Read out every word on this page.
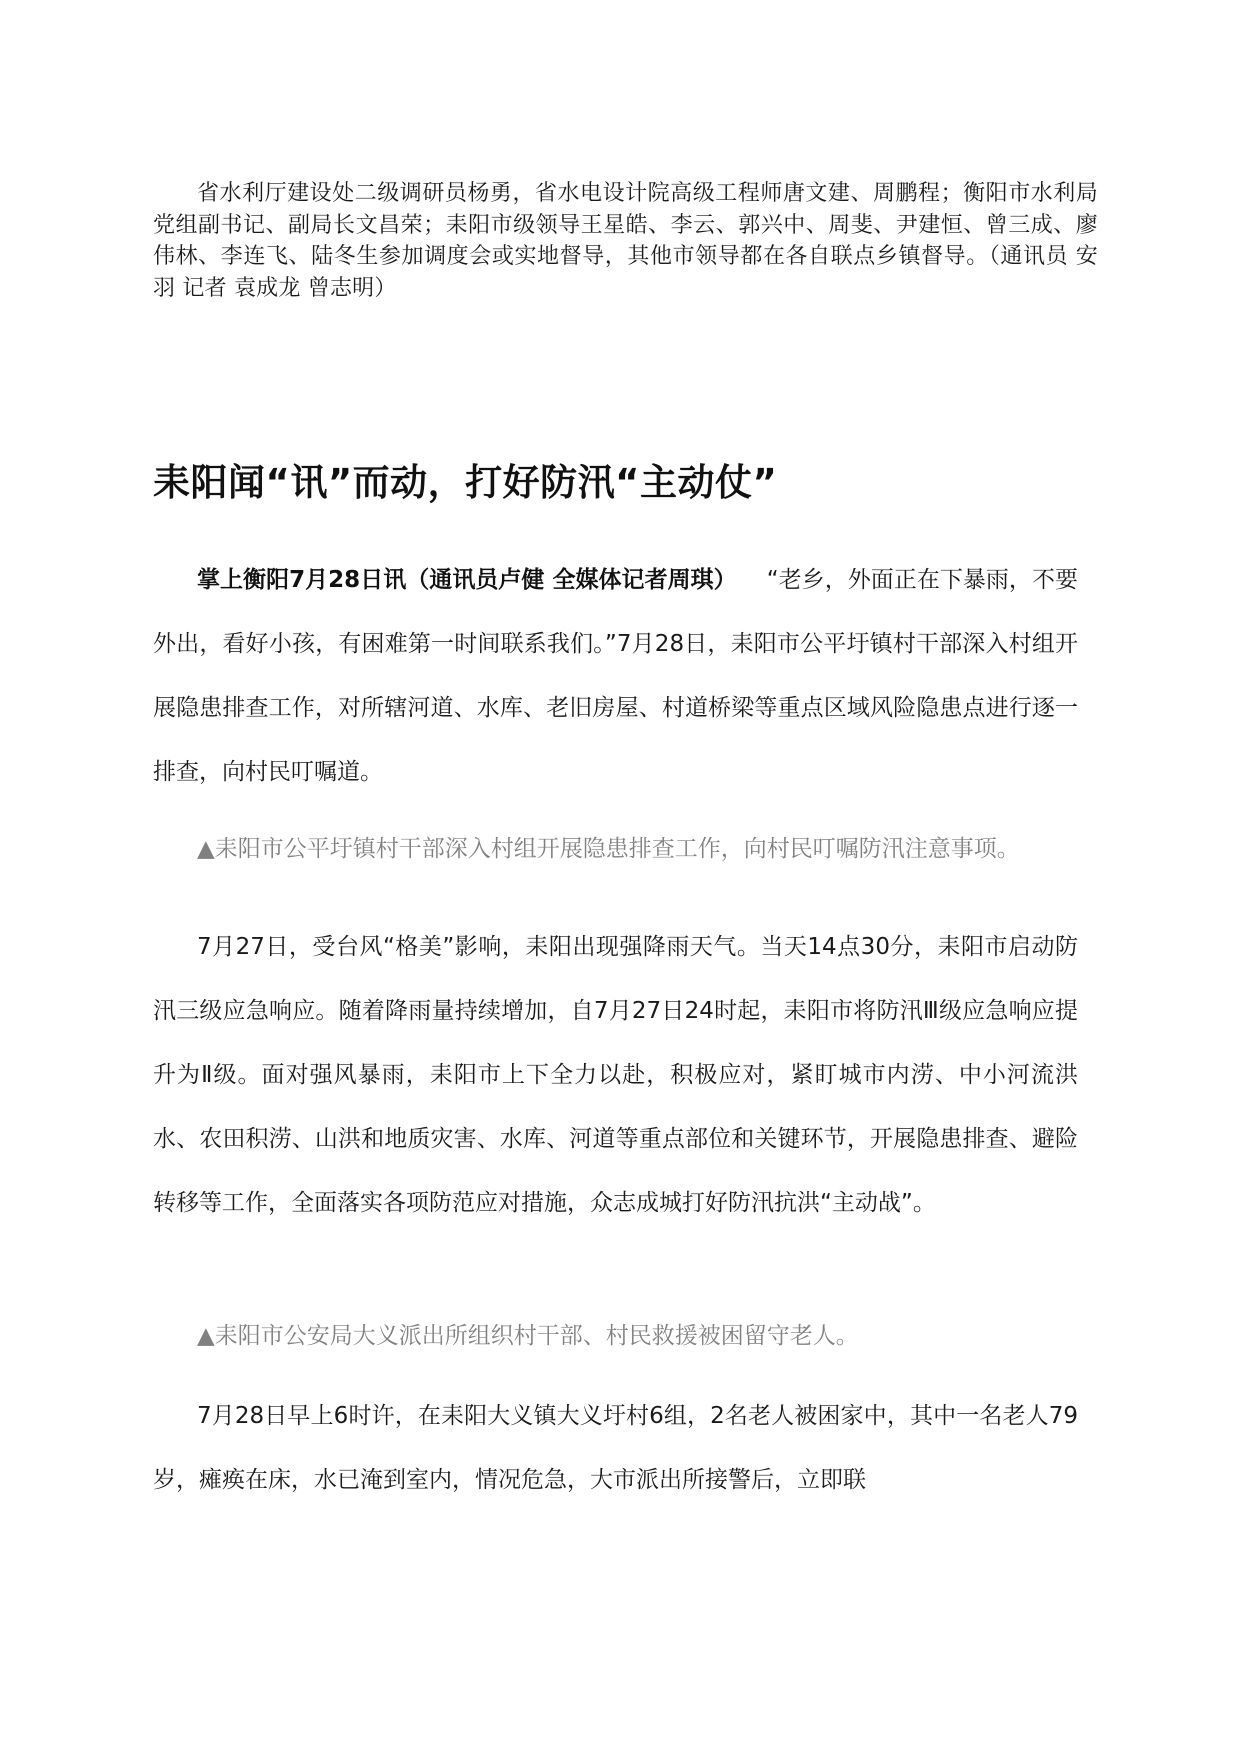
省水利厅建设处二级调研员杨勇，省水电设计院高级工程师唐文建、周鹏程；衡阳市水利局党组副书记、副局长文昌荣；耒阳市级领导王星皓、李云、郭兴中、周斐、尹建恒、曾三成、廖伟林、李连飞、陆冬生参加调度会或实地督导，其他市领导都在各自联点乡镇督导。（通讯员 安羽 记者 袁成龙 曾志明）

耒阳闻“讯”而动，打好防汛“主动仗”

掌上衡阳7月28日讯（通讯员卢健 全媒体记者周琪） “老乡，外面正在下暴雨，不要外出，看好小孩，有困难第一时间联系我们。”7月28日，耒阳市公平圩镇村干部深入村组开展隐患排查工作，对所辖河道、水库、老旧房屋、村道桥梁等重点区域风险隐患点进行逐一排查，向村民叮嘱道。

▲耒阳市公平圩镇村干部深入村组开展隐患排查工作，向村民叮嘱防汛注意事项。

7月27日，受台风“格美”影响，耒阳出现强降雨天气。当天14点30分，耒阳市启动防汛三级应急响应。随着降雨量持续增加，自7月27日24时起，耒阳市将防汛Ⅲ级应急响应提升为Ⅱ级。面对强风暴雨，耒阳市上下全力以赴，积极应对，紧盯城市内涝、中小河流洪水、农田积涝、山洪和地质灾害、水库、河道等重点部位和关键环节，开展隐患排查、避险转移等工作，全面落实各项防范应对措施，众志成城打好防汛抗洪“主动战”。

▲耒阳市公安局大义派出所组织村干部、村民救援被困留守老人。

7月28日早上6时许，在耒阳大义镇大义圩村6组，2名老人被困家中，其中一名老人79岁，瘫痪在床，水已淹到室内，情况危急，大市派出所接警后，立即联
